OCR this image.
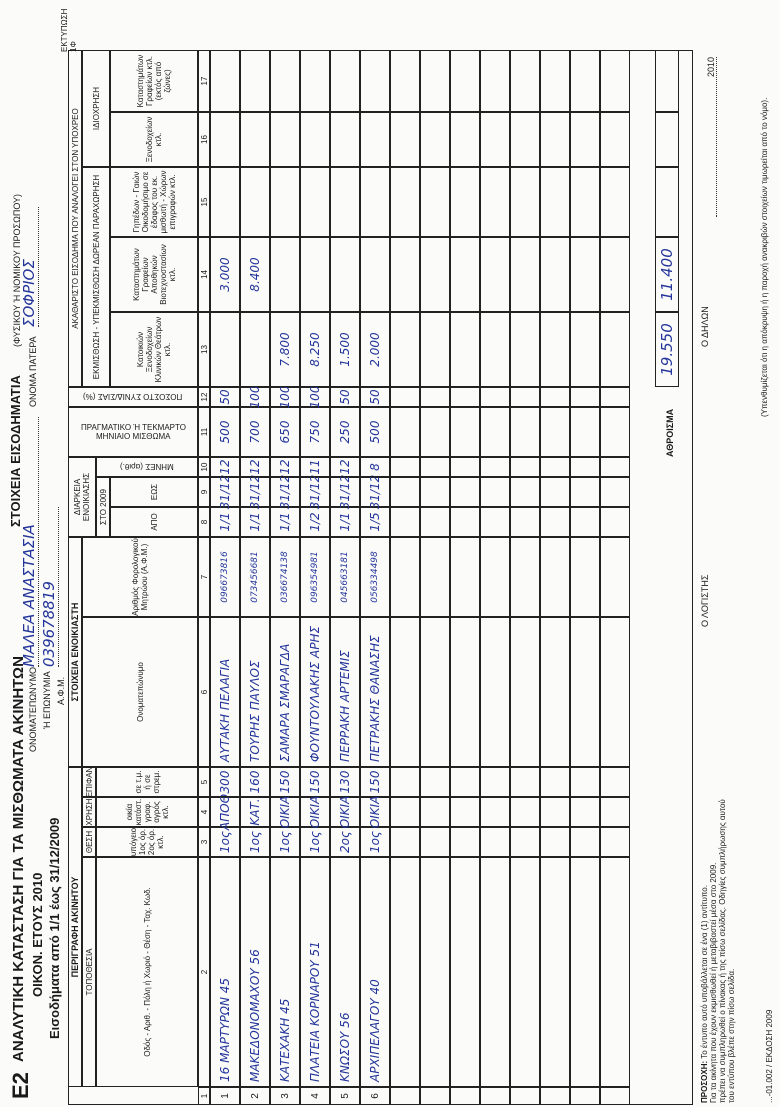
Ε2
ΑΝΑΛΥΤΙΚΗ ΚΑΤΑΣΤΑΣΗ ΓΙΑ ΤΑ ΜΙΣΘΩΜΑΤΑ ΑΚΙΝΗΤΩΝ ΟΙΚΟΝ. ΕΤΟΥΣ 2010 Εισοδήματα από 1/1 έως 31/12/2009
ΣΤΟΙΧΕΙΑ ΕΙΣΟΔΗΜΑΤΙΑ
(ΦΥΣΙΚΟΥ Ή ΝΟΜΙΚΟΥ ΠΡΟΣΩΠΟΥ)
ΟΝΟΜΑΤΕΠΩΝΥΜΟ
ΜΑΛΕΑ ΑΝΑΣΤΑΣΙΑ
ΟΝΟΜΑ ΠΑΤΕΡΑ
ΣΟΦΡΙΟΣ
Ή ΕΠΩΝΥΜΙΑ Α.Φ.Μ.
039678819
ΠΕΡΙΓΡΑΦΗ ΑΚΙΝΗΤΟΥ
ΣΤΟΙΧΕΙΑ ΕΝΟΙΚΙΑΣΤΗ
ΔΙΑΡΚΕΙΑ ΕΝΟΙΚΙΑΣΗΣ
ΠΡΑΓΜΑΤΙΚΟ Ή ΤΕΚΜΑΡΤΟ ΜΗΝΙΑΙΟ ΜΙΣΘΩΜΑ
ΠΟΣΟΣΤΟ ΣΥΝΙΔ/ΣΙΑΣ (%)
ΑΚΑΘΑΡΙΣΤΟ ΕΙΣΟΔΗΜΑ ΠΟΥ ΑΝΑΛΟΓΕΙ ΣΤΟΝ ΥΠΟΧΡΕΟ
ΤΟΠΟΘΕΣΙΑ
ΘΕΣΗ
ΧΡΗΣΗ
ΕΠΙΦΑΝ
ΕΚΜΙΣΘΩΣΗ - ΥΠΕΚΜΙΣΘΩΣΗ ΔΩΡΕΑΝ ΠΑΡΑΧΩΡΗΣΗ
ΙΔΙΟΧΡΗΣΗ
Οδός - Αριθ. - Πόλη ή Χωριό - Θέση - Ταχ. Κωδ.
υπόγειο 1ος όρ. 2ος όρ. κτλ.
οικία κατάστ. γραφ. αγρός κτλ.
σε τ.μ. ή σε στρεμ.
Ονοματεπώνυμο
Αριθμός Φορολογικού Μητρώου (Α.Φ.Μ.)
ΣΤΟ 2009	ΑΠΟ
ΕΩΣ
ΜΗΝΕΣ (αριθ.)
Κατοικιών Ξενοδοχείων Κλινικών Θεάτρων κτλ.
Καταστημάτων Γραφείων Αποθηκών Βιοτεχνοστασίων κτλ.
Γηπέδων - Γαιών Οικοδομήσιμο σε έδαφος του εκ. μισθωτή - Χώρων επιγραφών κτλ.
Ξενοδοχείων κτλ.
Καταστημάτων Γραφείων κτλ. (εκτός από ζώνες)
1
2
3
4
5
6
7
8
9
10
11
12
13
14
15
16
17
1
16 ΜΑΡΤΥΡΩΝ 45
1ος
ΑΠΟΘ
300
ΑΥΤΑΚΗ ΠΕΛΑΓΙΑ
096673816
1/1
31/12
12
500
50
3.000
2
ΜΑΚΕΔΟΝΟΜΑΧΟΥ 56
1ος
ΚΑΤ.
160
ΤΟΥΡΗΣ ΠΑΥΛΟΣ
073456681
1/1
31/12
12
700
100
8.400
3
ΚΑΤΕΧΑΚΗ 45
1ος
ΟΙΚΙΑ
150
ΣΑΜΑΡΑ ΣΜΑΡΑΓΔΑ
036674138
1/1
31/12
12
650
100
7.800
4
ΠΛΑΤΕΙΑ ΚΟΡΝΑΡΟΥ 51
1ος
ΟΙΚΙΑ
150
ΦΟΥΝΤΟΥΛΑΚΗΣ ΑΡΗΣ
096354981
1/2
31/12
11
750
100
8.250
5
ΚΝΩΣΟΥ 56
2ος
ΟΙΚΙΑ
130
ΠΕΡΡΑΚΗ ΑΡΤΕΜΙΣ
045663181
1/1
31/12
12
250
50
1.500
6
ΑΡΧΙΠΕΛΑΓΟΥ 40
1ος
ΟΙΚΙΑ
150
ΠΕΤΡΑΚΗΣ ΘΑΝΑΣΗΣ
056334498
1/5
31/12
8
500
50
2.000
ΑΘΡΟΙΣΜΑ
19.550
11.400
ΠΡΟΣΟΧΗ: Το έντυπο αυτό υποβάλλεται σε ένα (1) αντίτυπο.
Για τα ακίνητα που έχουν εκμισθωθεί ή μεταβιβαστεί μέσα στο 2009.
πρέπει να συμπληρωθεί ο πίνακας ή της πίσω σελίδας. Οδηγίες συμπλήρωσης αυτού
του εντύπου βλέπε στην πίσω σελίδα.
Ο ΛΟΓΙΣΤΗΣ
Ο ΔΗΛΩΝ
2010
(Υπενθυμίζεται ότι η απόκρυψη ή η παροχή ανακριβών στοιχείων τιμωρείται από το νόμο).
...-01.002 / ΕΚΔΟΣΗ 2009
ΕΚΤΥΠΩΣΗ 1Φ
